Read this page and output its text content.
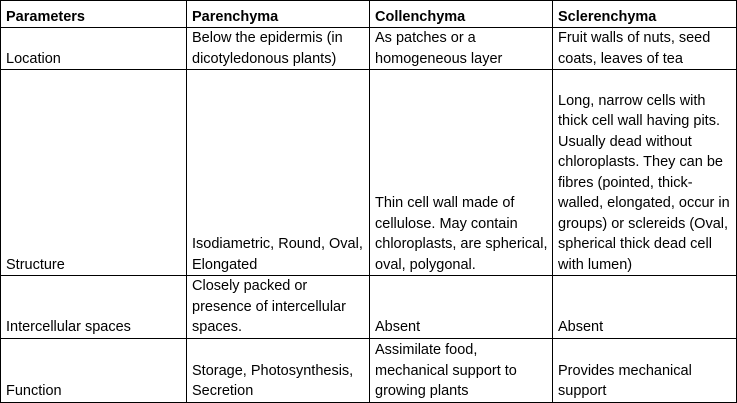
Parameters	Parenchyma	Collenchyma	Sclerenchyma
Location	Below the epidermis (in dicotyledonous plants)	As patches or a homogeneous layer	Fruit walls of nuts, seed coats, leaves of tea
Structure	Isodiametric, Round, Oval, Elongated	Thin cell wall made of cellulose. May contain chloroplasts, are spherical, oval, polygonal.	Long, narrow cells with thick cell wall having pits. Usually dead without chloroplasts. They can be fibres (pointed, thick-walled, elongated, occur in groups) or sclereids (Oval, spherical thick dead cell with lumen)
Intercellular spaces	Closely packed or presence of intercellular spaces.	Absent	Absent
Function	Storage, Photosynthesis, Secretion	Assimilate food, mechanical support to growing plants	Provides mechanical support
